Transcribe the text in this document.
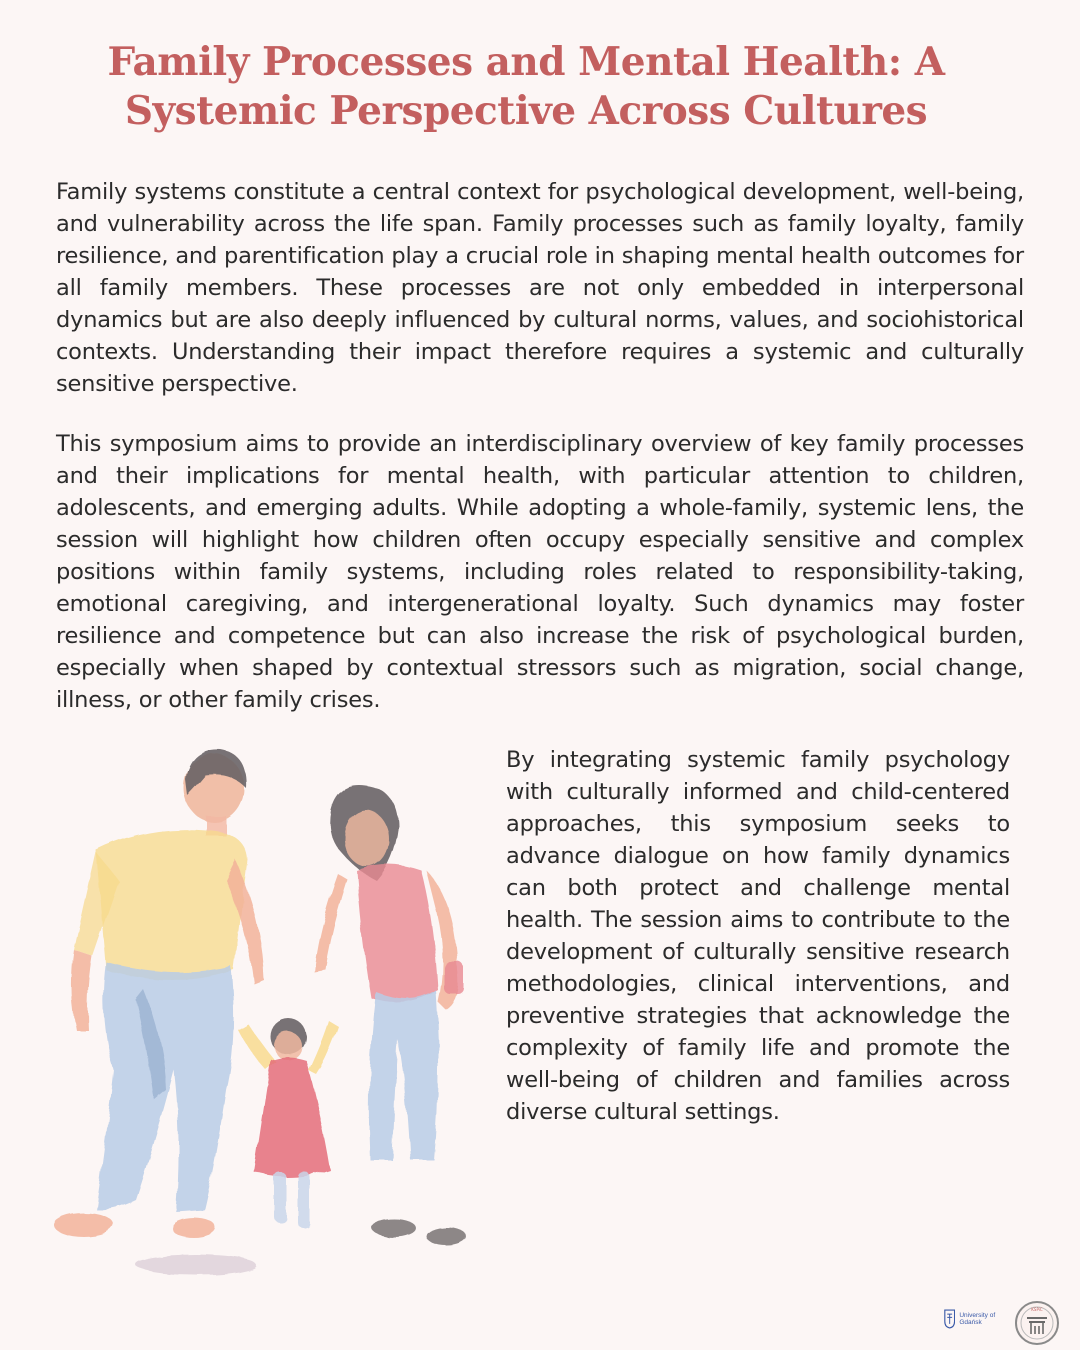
Family Processes and Mental Health: A Systemic Perspective Across Cultures

Family systems constitute a central context for psychological development, well-being, and vulnerability across the life span. Family processes such as family loyalty, family resilience, and parentification play a crucial role in shaping mental health outcomes for all family members. These processes are not only embedded in interpersonal dynamics but are also deeply influenced by cultural norms, values, and sociohistorical contexts. Understanding their impact therefore requires a systemic and culturally sensitive perspective.

This symposium aims to provide an interdisciplinary overview of key family processes and their implications for mental health, with particular attention to children, adolescents, and emerging adults. While adopting a whole-family, systemic lens, the session will highlight how children often occupy especially sensitive and complex positions within family systems, including roles related to responsibility-taking, emotional caregiving, and intergenerational loyalty. Such dynamics may foster resilience and competence but can also increase the risk of psychological burden, especially when shaped by contextual stressors such as migration, social change, illness, or other family crises.

By integrating systemic family psychology with culturally informed and child-centered approaches, this symposium seeks to advance dialogue on how family dynamics can both protect and challenge mental health. The session aims to contribute to the development of culturally sensitive research methodologies, clinical interventions, and preventive strategies that acknowledge the complexity of family life and promote the well-being of children and families across diverse cultural settings.

University of Gdańsk
KSPiC
